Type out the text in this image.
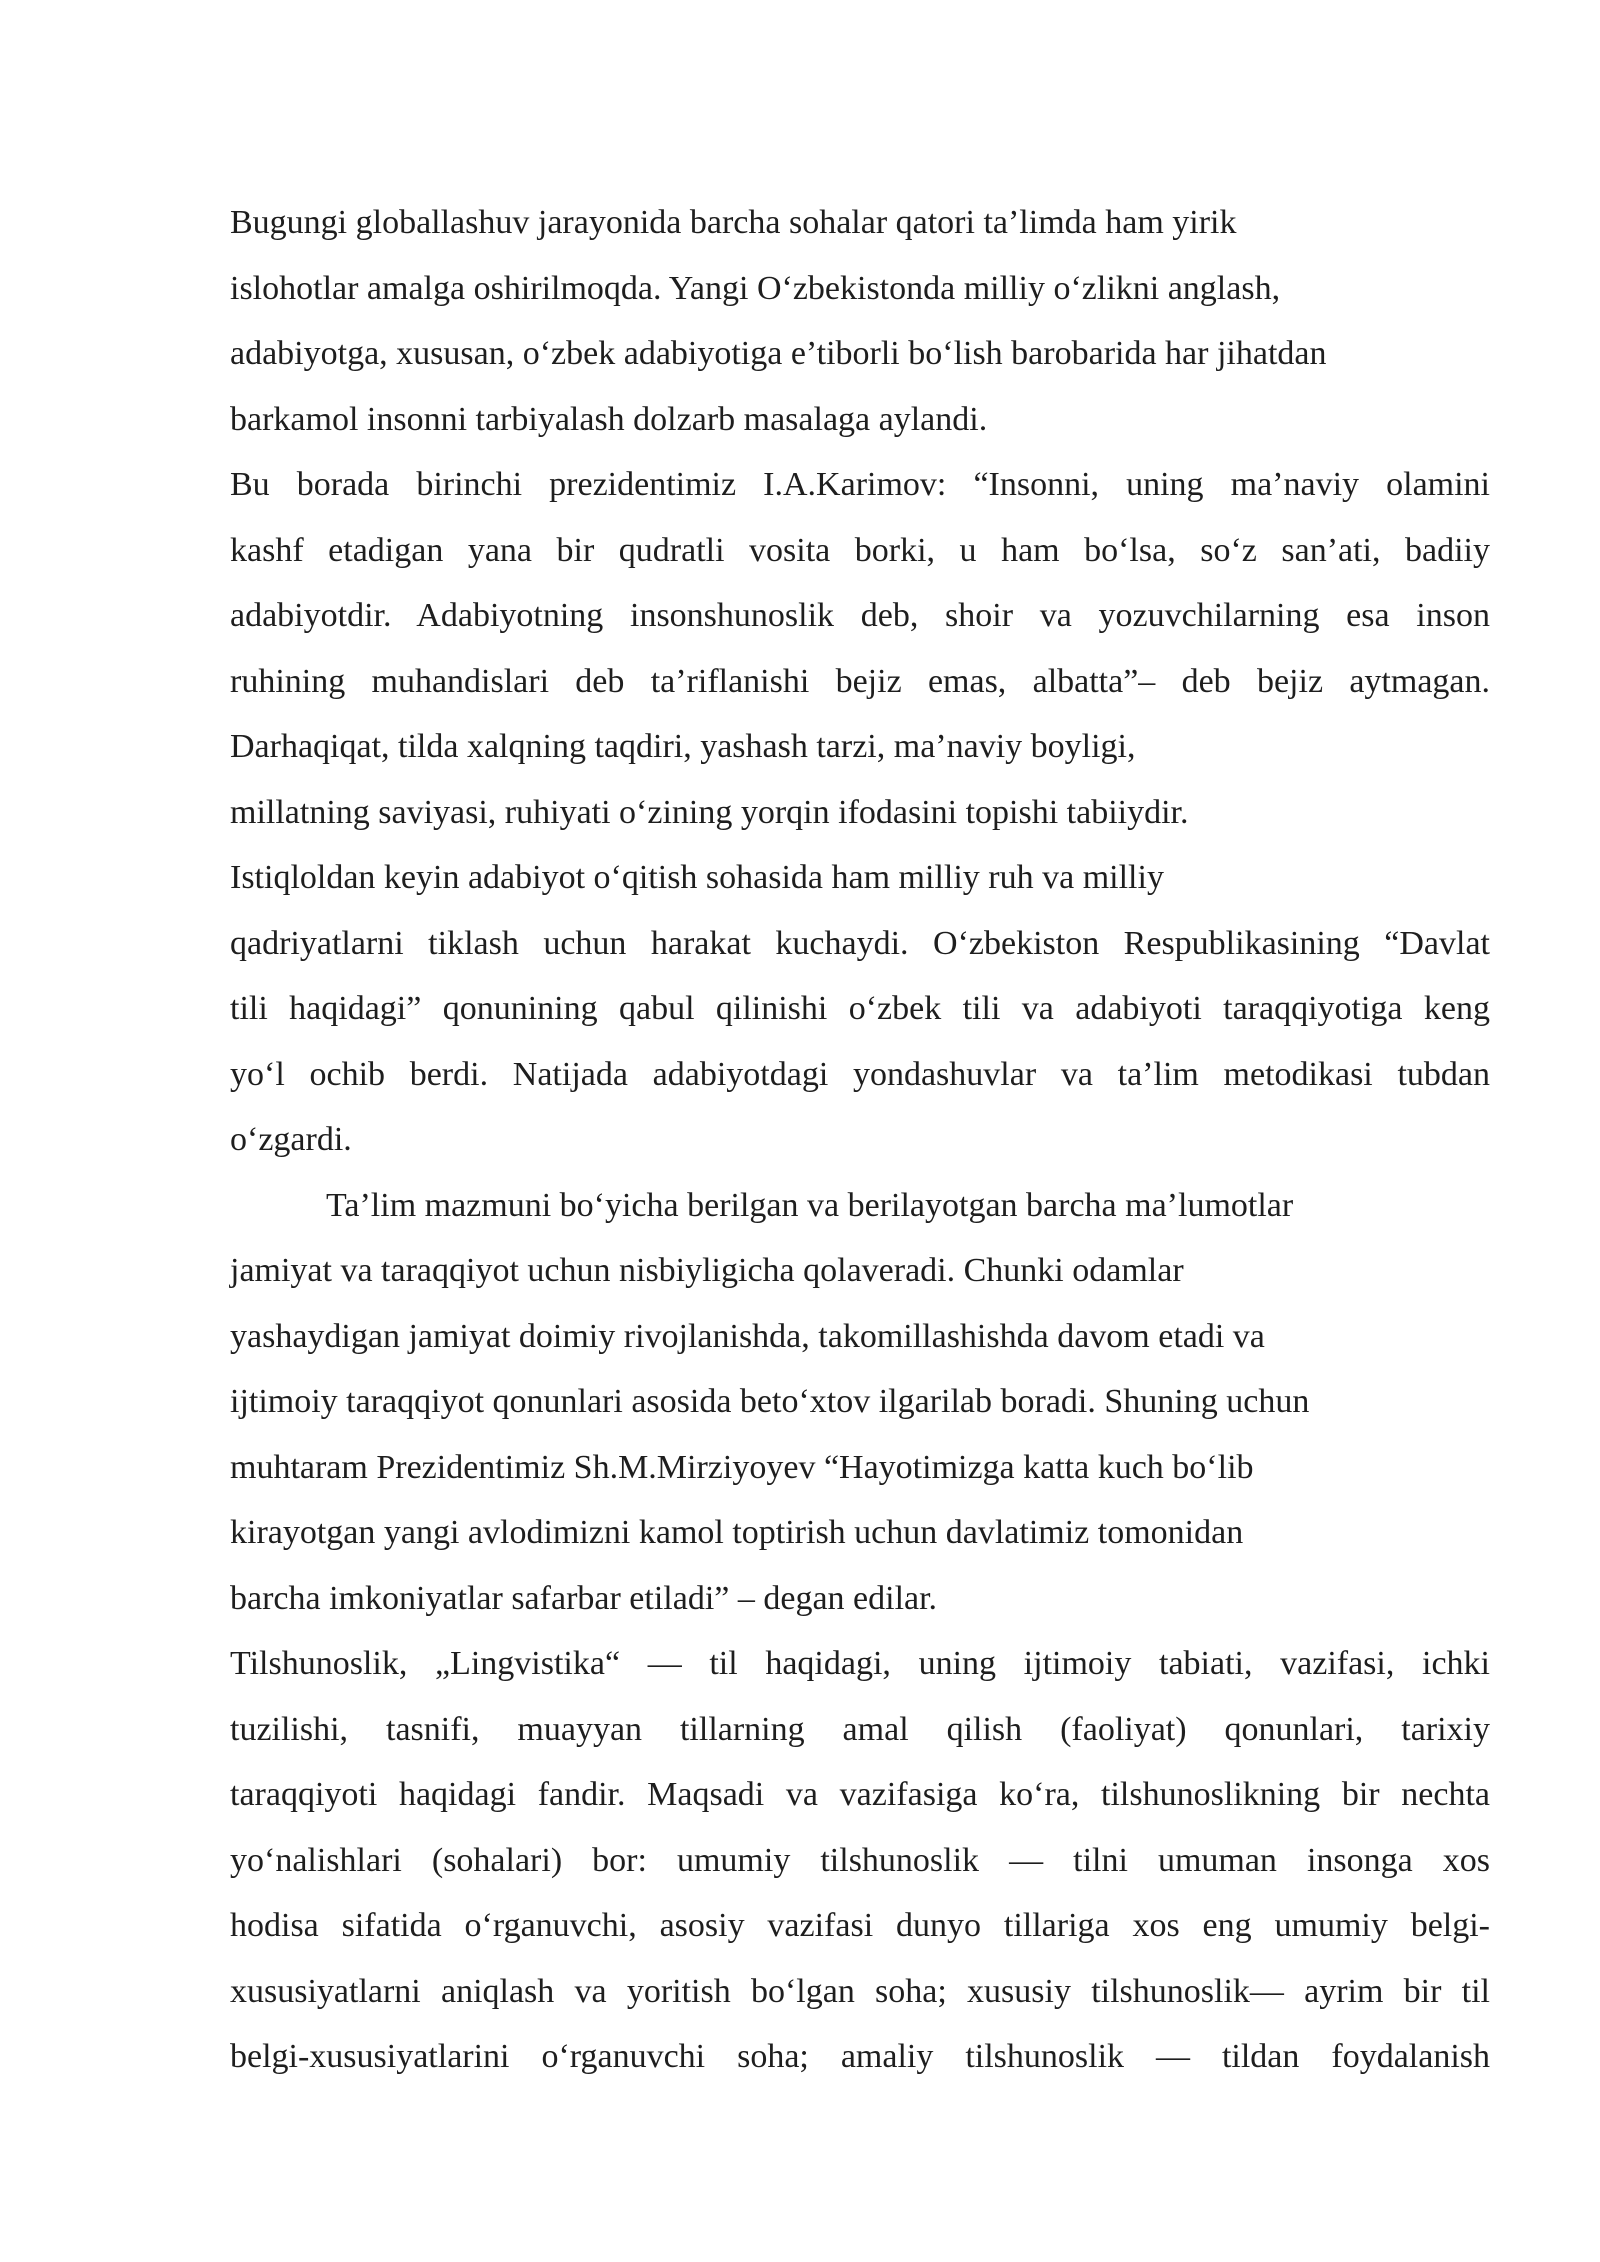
Bugungi globallashuv jarayonida barcha sohalar qatori ta’limda ham yirik
islohotlar amalga oshirilmoqda. Yangi O‘zbekistonda milliy o‘zlikni anglash,
adabiyotga, xususan, o‘zbek adabiyotiga e’tiborli bo‘lish barobarida har jihatdan
barkamol insonni tarbiyalash dolzarb masalaga aylandi.
Bu borada birinchi prezidentimiz I.A.Karimov: “Insonni, uning ma’naviy olamini
kashf etadigan yana bir qudratli vosita borki, u ham bo‘lsa, so‘z san’ati, badiiy
adabiyotdir. Adabiyotning insonshunoslik deb, shoir va yozuvchilarning esa inson
ruhining muhandislari deb ta’riflanishi bejiz emas, albatta”– deb bejiz aytmagan.
Darhaqiqat, tilda xalqning taqdiri, yashash tarzi, ma’naviy boyligi,
millatning saviyasi, ruhiyati o‘zining yorqin ifodasini topishi tabiiydir.
Istiqloldan keyin adabiyot o‘qitish sohasida ham milliy ruh va milliy
qadriyatlarni tiklash uchun harakat kuchaydi. O‘zbekiston Respublikasining “Davlat
tili haqidagi” qonunining qabul qilinishi o‘zbek tili va adabiyoti taraqqiyotiga keng
yo‘l ochib berdi. Natijada adabiyotdagi yondashuvlar va ta’lim metodikasi tubdan
o‘zgardi.
Ta’lim mazmuni bo‘yicha berilgan va berilayotgan barcha ma’lumotlar
jamiyat va taraqqiyot uchun nisbiyligicha qolaveradi. Chunki odamlar
yashaydigan jamiyat doimiy rivojlanishda, takomillashishda davom etadi va
ijtimoiy taraqqiyot qonunlari asosida beto‘xtov ilgarilab boradi. Shuning uchun
muhtaram Prezidentimiz Sh.M.Mirziyoyev “Hayotimizga katta kuch bo‘lib
kirayotgan yangi avlodimizni kamol toptirish uchun davlatimiz tomonidan
barcha imkoniyatlar safarbar etiladi” – degan edilar.
Tilshunoslik, „Lingvistika“ — til haqidagi, uning ijtimoiy tabiati, vazifasi, ichki
tuzilishi, tasnifi, muayyan tillarning amal qilish (faoliyat) qonunlari, tarixiy
taraqqiyoti haqidagi fandir. Maqsadi va vazifasiga ko‘ra, tilshunoslikning bir nechta
yo‘nalishlari (sohalari) bor: umumiy tilshunoslik — tilni umuman insonga xos
hodisa sifatida o‘rganuvchi, asosiy vazifasi dunyo tillariga xos eng umumiy belgi-
xususiyatlarni aniqlash va yoritish bo‘lgan soha; xususiy tilshunoslik— ayrim bir til
belgi-xususiyatlarini o‘rganuvchi soha; amaliy tilshunoslik — tildan foydalanish
